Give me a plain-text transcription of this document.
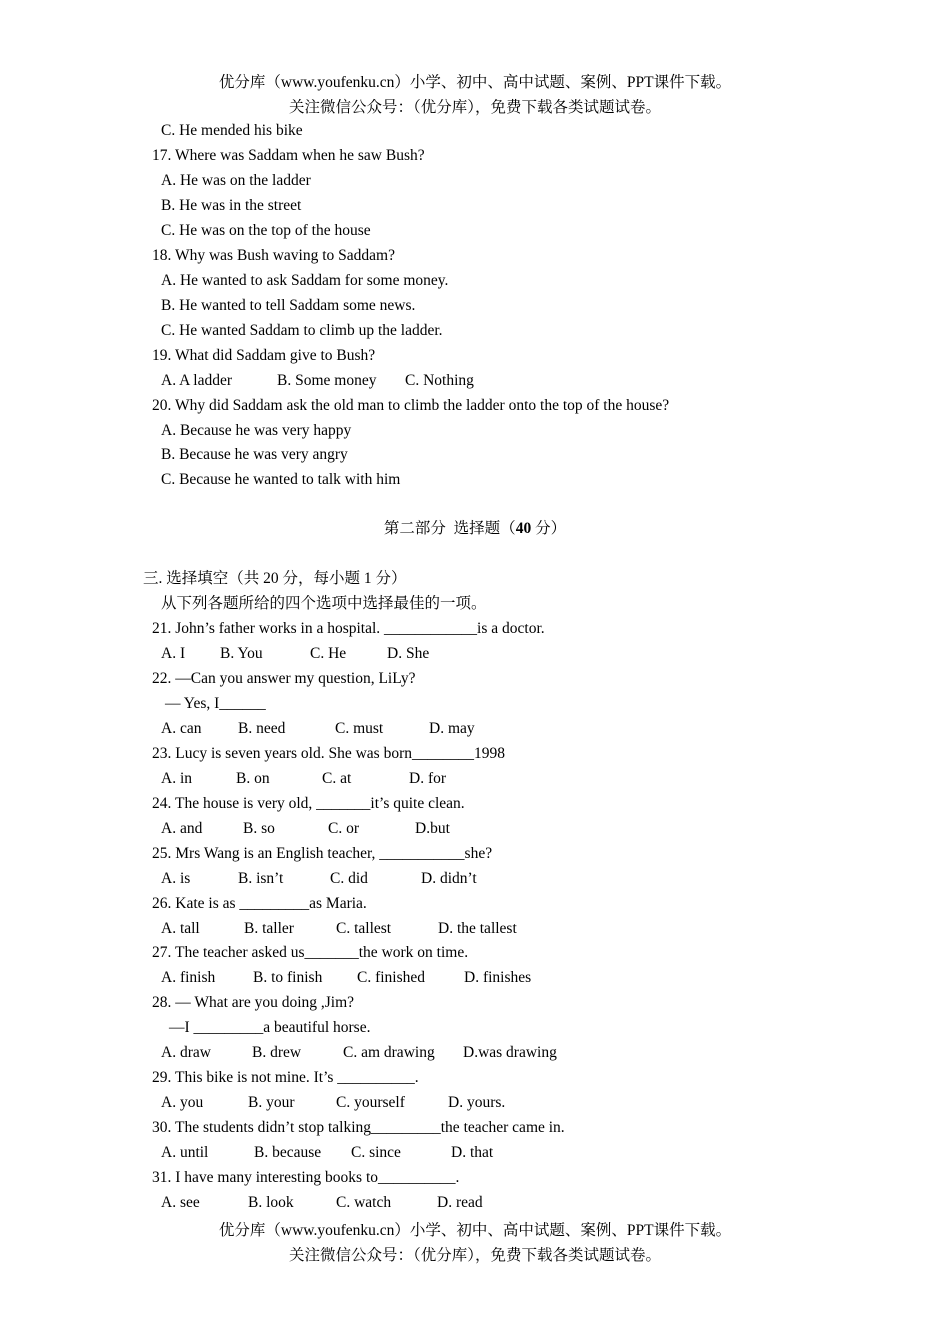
优分库（www.youfenku.cn）小学、初中、高中试题、案例、PPT课件下载。
关注微信公众号：（优分库），免费下载各类试题试卷。
C. He mended his bike
17. Where was Saddam when he saw Bush?
A. He was on the ladder
B. He was in the street
C. He was on the top of the house
18. Why was Bush waving to Saddam?
A. He wanted to ask Saddam for some money.
B. He wanted to tell Saddam some news.
C. He wanted Saddam to climb up the ladder.
19. What did Saddam give to Bush?

A. A ladder

	B. Some money

C. Nothing

20. Why did Saddam ask the old man to climb the ladder onto the top of the house?
A. Because he was very happy
B. Because he was very angry
C. Because he wanted to talk with him
第二部分  选择题（40 分）
三. 选择填空（共 20 分，每小题 1 分）
从下列各题所给的四个选项中选择最佳的一项。
21. John’s father works in a hospital. ____________is a doctor.

A. I

B. You

	C. He

	D. She

22. —Can you answer my question, LiLy?
— Yes, I______

A. can

B. need

	C. must

	D. may

23. Lucy is seven years old. She was born________1998

A. in

	B. on

	C. at

	D. for

24. The house is very old, _______it’s quite clean.

A. and

	B. so

	C. or

	D.but

25. Mrs Wang is an English teacher, ___________she?

A. is

	B. isn’t

	C. did

	D. didn’t

26. Kate is as _________as Maria.

A. tall

	B. taller

	C. tallest

	D. the tallest

27. The teacher asked us_______the work on time.

A. finish

B. to finish

C. finished

	D. finishes

28. — What are you doing ,Jim?
—I _________a beautiful horse.

A. draw

	B. drew

	C. am drawing

D.was drawing

29. This bike is not mine. It’s __________.

A. you

	B. your

	C. yourself

	D. yours.

30. The students didn’t stop talking_________the teacher came in.

A. until

	B. because

C. since

	D. that

31. I have many interesting books to__________.

A. see

	B. look

	C. watch

	D. read

优分库（www.youfenku.cn）小学、初中、高中试题、案例、PPT课件下载。
关注微信公众号：（优分库），免费下载各类试题试卷。
